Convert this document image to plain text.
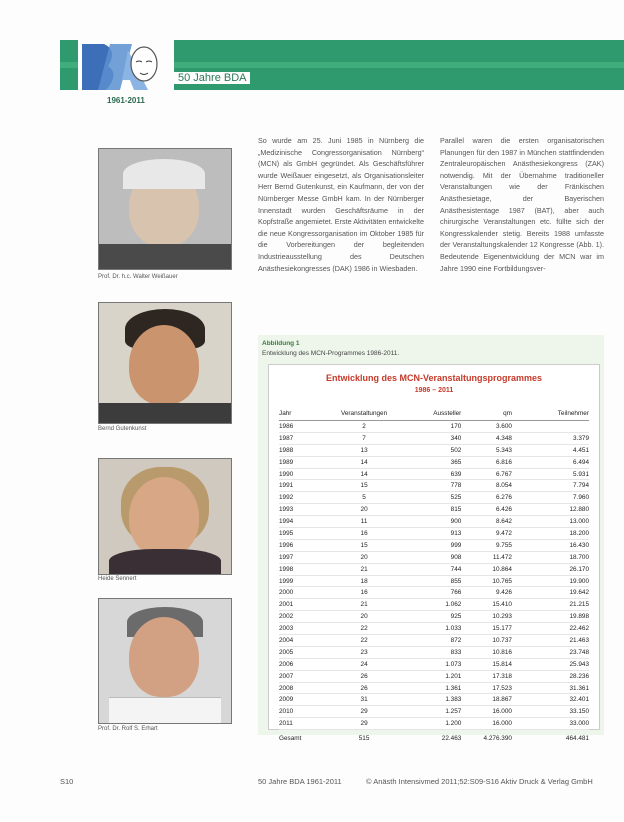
50 Jahre BDA
1961-2011
Prof. Dr. h.c. Walter Weißauer
Bernd Gutenkunst
Heide Sennert
Prof. Dr. Rolf S. Erhart
So wurde am 25. Juni 1985 in Nürnberg die „Medizinische Congressorganisation Nürnberg“ (MCN) als GmbH gegründet. Als Geschäftsführer wurde Weißauer eingesetzt, als Organisationsleiter Herr Bernd Gutenkunst, ein Kaufmann, der von der Nürnberger Messe GmbH kam. In der Nürnberger Innenstadt wurden Geschäftsräume in der Kopfstraße angemietet. Erste Aktivitäten entwickelte die neue Kongressorganisation im Oktober 1985 für die Vorbereitungen der begleitenden Industrieausstellung des Deutschen Anästhesiekongresses (DAK) 1986 in Wiesbaden.
Parallel waren die ersten organisatorischen Planungen für den 1987 in München stattfindenden Zentraleuropäischen Anästhesiekongress (ZAK) notwendig. Mit der Übernahme traditioneller Veranstaltungen wie der Fränkischen Anästhesietage, der Bayerischen Anästhesistentage 1987 (BAT), aber auch chirurgische Veranstaltungen etc. füllte sich der Kongresskalender stetig. Bereits 1988 umfasste der Veranstaltungskalender 12 Kongresse (Abb. 1). Bedeutende Eigenentwicklung der MCN war im Jahre 1990 eine Fortbildungsver-
Abbildung 1
Entwicklung des MCN-Programmes 1986-2011.
Entwicklung des MCN-Veranstaltungsprogrammes
1986 – 2011
Jahr	Veranstaltungen	Aussteller	qm	Teilnehmer
1986	2	170	3.600	
1987	7	340	4.348	3.379
1988	13	502	5.343	4.451
1989	14	365	6.816	6.494
1990	14	639	6.767	5.931
1991	15	778	8.054	7.794
1992	5	525	6.276	7.960
1993	20	815	6.426	12.880
1994	11	900	8.642	13.000
1995	16	913	9.472	18.200
1996	15	999	9.755	16.430
1997	20	908	11.472	18.700
1998	21	744	10.864	26.170
1999	18	855	10.765	19.900
2000	16	766	9.426	19.642
2001	21	1.062	15.410	21.215
2002	20	925	10.293	19.898
2003	22	1.033	15.177	22.462
2004	22	872	10.737	21.463
2005	23	833	10.816	23.748
2006	24	1.073	15.814	25.943
2007	26	1.201	17.318	28.236
2008	26	1.361	17.523	31.361
2009	31	1.383	18.867	32.401
2010	29	1.257	16.000	33.150
2011	29	1.200	16.000	33.000
Gesamt	515	22.463	4.276.390	464.481
S10	50 Jahre BDA 1961-2011	© Anästh Intensivmed 2011;52:S09-S16 Aktiv Druck & Verlag GmbH
